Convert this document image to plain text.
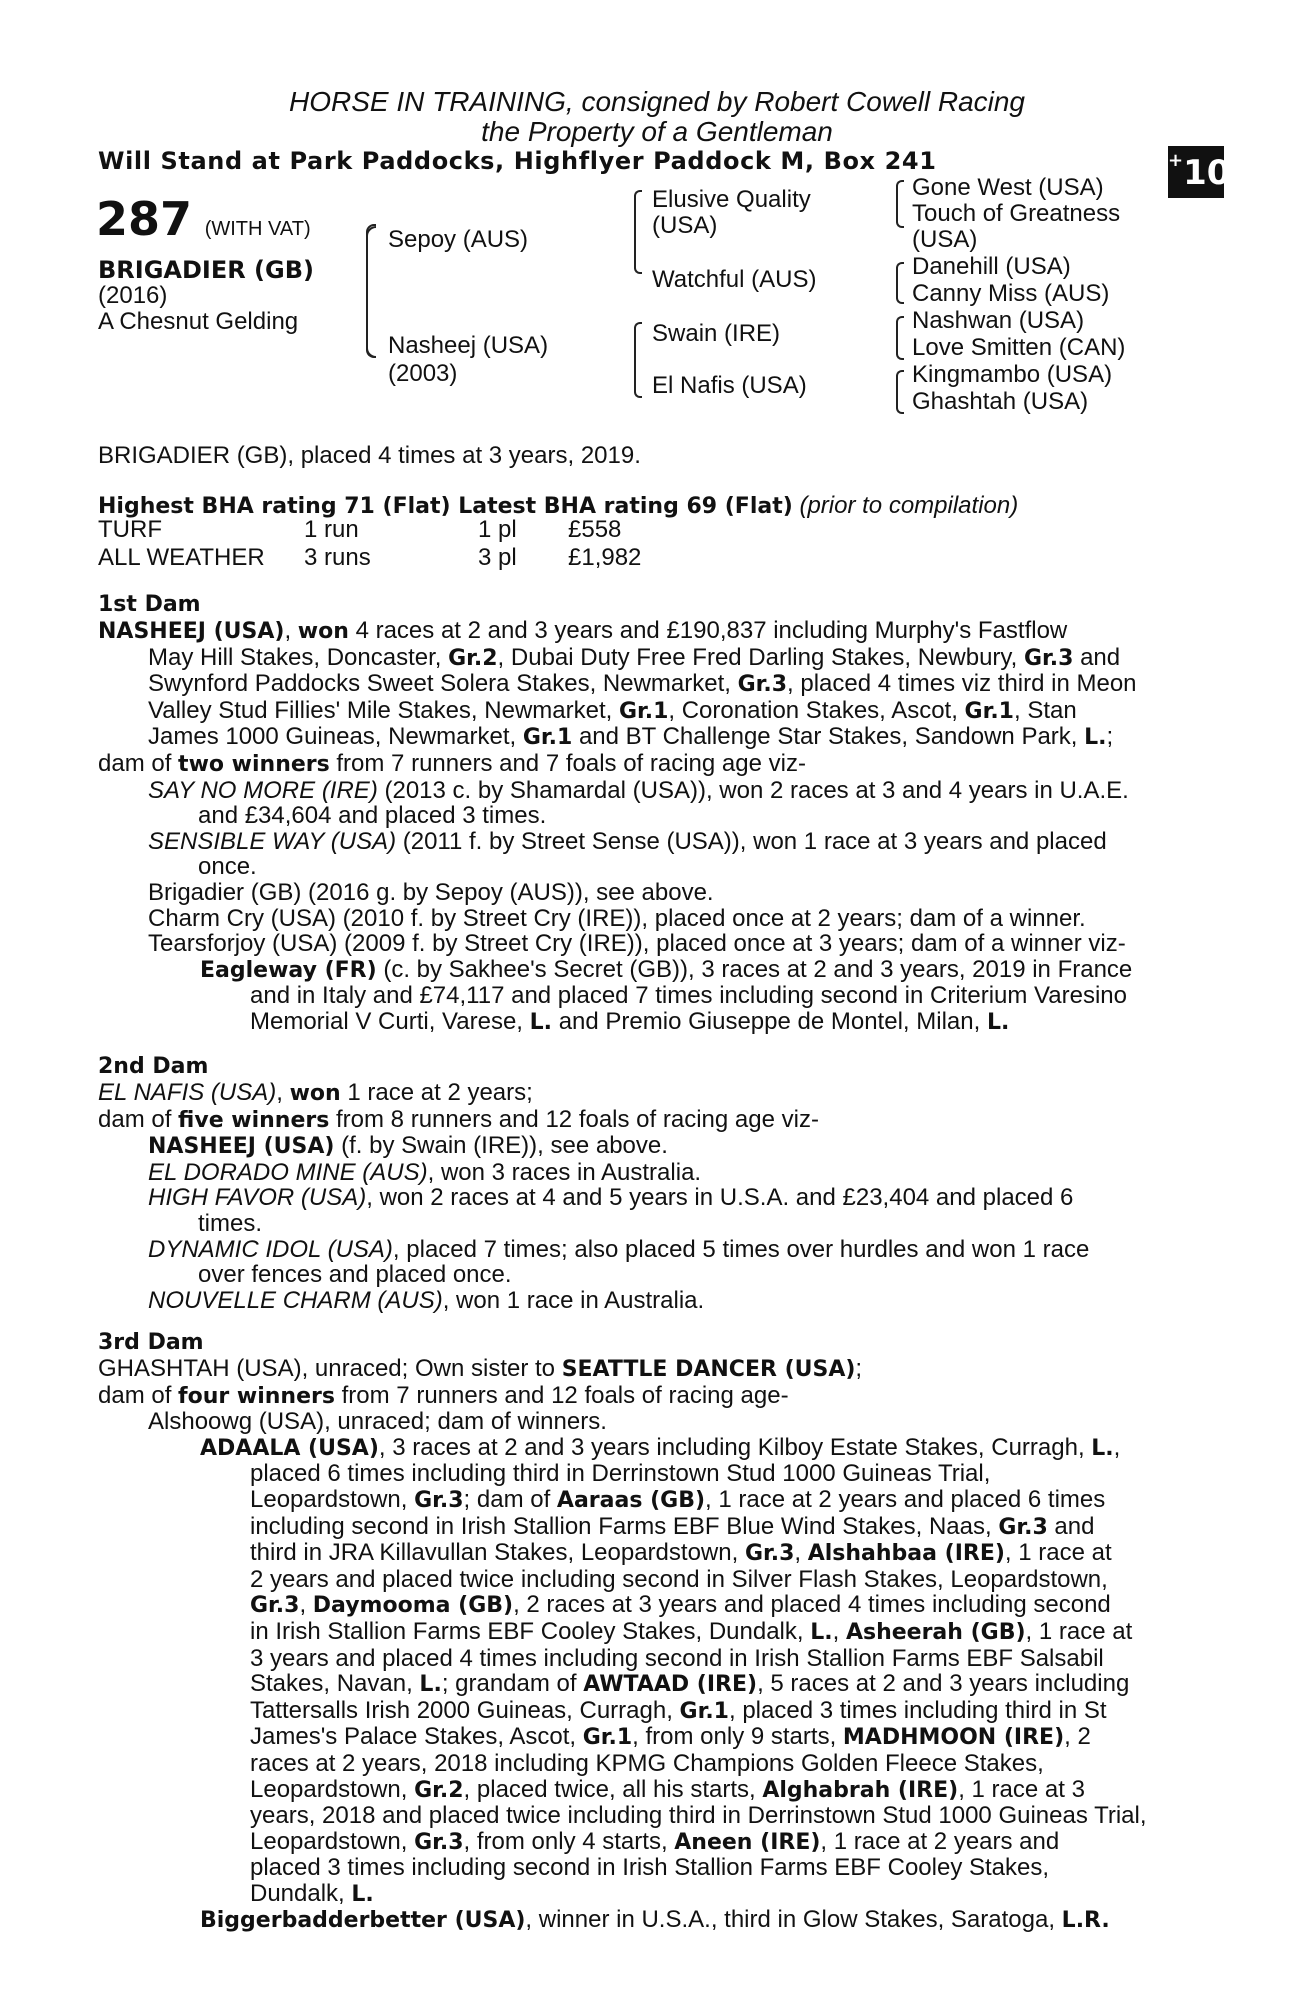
HORSE IN TRAINING, consigned by Robert Cowell Racing
the Property of a Gentleman
Will Stand at Park Paddocks, Highflyer Paddock M, Box 241	+10
287 (WITH VAT)
BRIGADIER (GB)
(2016)
A Chesnut Gelding
Sepoy (AUS)
Nasheej (USA)
(2003)
Elusive Quality
(USA)
Watchful (AUS)
Swain (IRE)
El Nafis (USA)
Gone West (USA)
Touch of Greatness
(USA)
Danehill (USA)
Canny Miss (AUS)
Nashwan (USA)
Love Smitten (CAN)
Kingmambo (USA)
Ghashtah (USA)
BRIGADIER (GB), placed 4 times at 3 years, 2019.
Highest BHA rating 71 (Flat) Latest BHA rating 69 (Flat) (prior to compilation)
TURF	1 run	1 pl	£558
ALL WEATHER	3 runs	3 pl	£1,982
1st Dam
NASHEEJ (USA), won 4 races at 2 and 3 years and £190,837 including Murphy's Fastflow
May Hill Stakes, Doncaster, Gr.2, Dubai Duty Free Fred Darling Stakes, Newbury, Gr.3 and
Swynford Paddocks Sweet Solera Stakes, Newmarket, Gr.3, placed 4 times viz third in Meon
Valley Stud Fillies' Mile Stakes, Newmarket, Gr.1, Coronation Stakes, Ascot, Gr.1, Stan
James 1000 Guineas, Newmarket, Gr.1 and BT Challenge Star Stakes, Sandown Park, L.;
dam of two winners from 7 runners and 7 foals of racing age viz-
SAY NO MORE (IRE) (2013 c. by Shamardal (USA)), won 2 races at 3 and 4 years in U.A.E.
and £34,604 and placed 3 times.
SENSIBLE WAY (USA) (2011 f. by Street Sense (USA)), won 1 race at 3 years and placed
once.
Brigadier (GB) (2016 g. by Sepoy (AUS)), see above.
Charm Cry (USA) (2010 f. by Street Cry (IRE)), placed once at 2 years; dam of a winner.
Tearsforjoy (USA) (2009 f. by Street Cry (IRE)), placed once at 3 years; dam of a winner viz-
Eagleway (FR) (c. by Sakhee's Secret (GB)), 3 races at 2 and 3 years, 2019 in France
and in Italy and £74,117 and placed 7 times including second in Criterium Varesino
Memorial V Curti, Varese, L. and Premio Giuseppe de Montel, Milan, L.
2nd Dam
EL NAFIS (USA), won 1 race at 2 years;
dam of five winners from 8 runners and 12 foals of racing age viz-
NASHEEJ (USA) (f. by Swain (IRE)), see above.
EL DORADO MINE (AUS), won 3 races in Australia.
HIGH FAVOR (USA), won 2 races at 4 and 5 years in U.S.A. and £23,404 and placed 6
times.
DYNAMIC IDOL (USA), placed 7 times; also placed 5 times over hurdles and won 1 race
over fences and placed once.
NOUVELLE CHARM (AUS), won 1 race in Australia.
3rd Dam
GHASHTAH (USA), unraced; Own sister to SEATTLE DANCER (USA);
dam of four winners from 7 runners and 12 foals of racing age-
Alshoowg (USA), unraced; dam of winners.
ADAALA (USA), 3 races at 2 and 3 years including Kilboy Estate Stakes, Curragh, L.,
placed 6 times including third in Derrinstown Stud 1000 Guineas Trial,
Leopardstown, Gr.3; dam of Aaraas (GB), 1 race at 2 years and placed 6 times
including second in Irish Stallion Farms EBF Blue Wind Stakes, Naas, Gr.3 and
third in JRA Killavullan Stakes, Leopardstown, Gr.3, Alshahbaa (IRE), 1 race at
2 years and placed twice including second in Silver Flash Stakes, Leopardstown,
Gr.3, Daymooma (GB), 2 races at 3 years and placed 4 times including second
in Irish Stallion Farms EBF Cooley Stakes, Dundalk, L., Asheerah (GB), 1 race at
3 years and placed 4 times including second in Irish Stallion Farms EBF Salsabil
Stakes, Navan, L.; grandam of AWTAAD (IRE), 5 races at 2 and 3 years including
Tattersalls Irish 2000 Guineas, Curragh, Gr.1, placed 3 times including third in St
James's Palace Stakes, Ascot, Gr.1, from only 9 starts, MADHMOON (IRE), 2
races at 2 years, 2018 including KPMG Champions Golden Fleece Stakes,
Leopardstown, Gr.2, placed twice, all his starts, Alghabrah (IRE), 1 race at 3
years, 2018 and placed twice including third in Derrinstown Stud 1000 Guineas Trial,
Leopardstown, Gr.3, from only 4 starts, Aneen (IRE), 1 race at 2 years and
placed 3 times including second in Irish Stallion Farms EBF Cooley Stakes,
Dundalk, L.
Biggerbadderbetter (USA), winner in U.S.A., third in Glow Stakes, Saratoga, L.R.
